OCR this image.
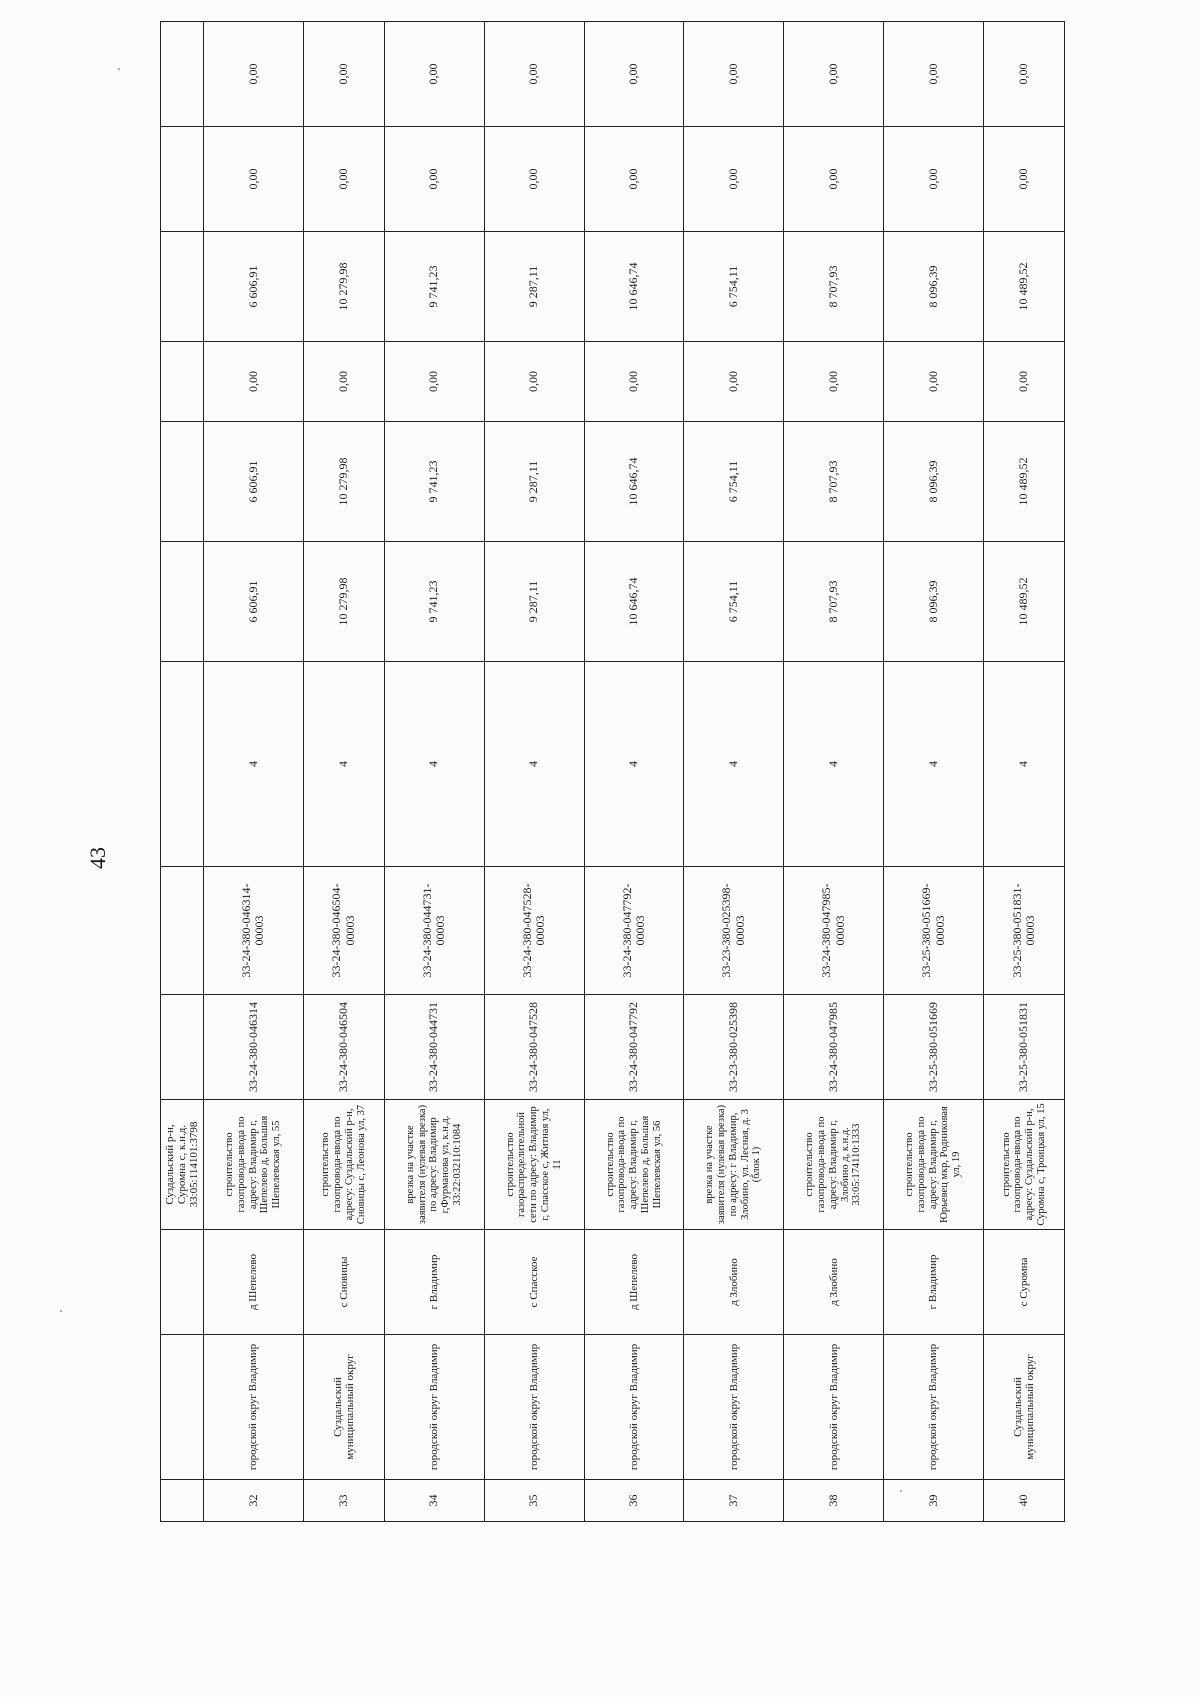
43
			Суздальский р-н, Суромна с, к.н.д. 33:05:114101:3798									
32	городской округ Владимир	д Шепелево	строительство газопровода-ввода по адресу: Владимир г, Шепелево д, Большая Шепелевская ул, 55	33-24-380-046314	33-24-380-046314-00003	4	6 606,91	6 606,91	0,00	6 606,91	0,00	0,00
33	Суздальский муниципальный округ	с Сновицы	строительство газопровода-ввода по адресу: Суздальский р-н, Сновицы с, Леонова ул, 37	33-24-380-046504	33-24-380-046504-00003	4	10 279,98	10 279,98	0,00	10 279,98	0,00	0,00
34	городской округ Владимир	г Владимир	врезка на участке заявителя (нулевая врезка) по адресу: Владимир г,Фурманова ул, к.н.д. 33:22:032110:1084	33-24-380-044731	33-24-380-044731-00003	4	9 741,23	9 741,23	0,00	9 741,23	0,00	0,00
35	городской округ Владимир	с Спасское	строительство газораспределительной сети по адресу: Владимир г, Спасское с, Житная ул, 11	33-24-380-047528	33-24-380-047528-00003	4	9 287,11	9 287,11	0,00	9 287,11	0,00	0,00
36	городской округ Владимир	д Шепелево	строительство газопровода-ввода по адресу: Владимир г, Шепелево д, Большая Шепелевская ул, 56	33-24-380-047792	33-24-380-047792-00003	4	10 646,74	10 646,74	0,00	10 646,74	0,00	0,00
37	городской округ Владимир	д Злобино	врезка на участке заявителя (нулевая врезка) по адресу: г Владимир, Злобино, ул. Лесная, д. 3 (блок 1)	33-23-380-025398	33-23-380-025398-00003	4	6 754,11	6 754,11	0,00	6 754,11	0,00	0,00
38	городской округ Владимир	д Злобино	строительство газопровода-ввода по адресу: Владимир г, Злобино д, к.н.д. 33:05:174110:1333	33-24-380-047985	33-24-380-047985-00003	4	8 707,93	8 707,93	0,00	8 707,93	0,00	0,00
39	городской округ Владимир	г Владимир	строительство газопровода-ввода по адресу: Владимир г, Юрьевец мкр, Родниковая ул, 19	33-25-380-051669	33-25-380-051669-00003	4	8 096,39	8 096,39	0,00	8 096,39	0,00	0,00
40	Суздальский муниципальный округ	с Суромна	строительство газопровода-ввода по адресу: Суздальский р-н, Суромна с, Троицкая ул, 15	33-25-380-051831	33-25-380-051831-00003	4	10 489,52	10 489,52	0,00	10 489,52	0,00	0,00
